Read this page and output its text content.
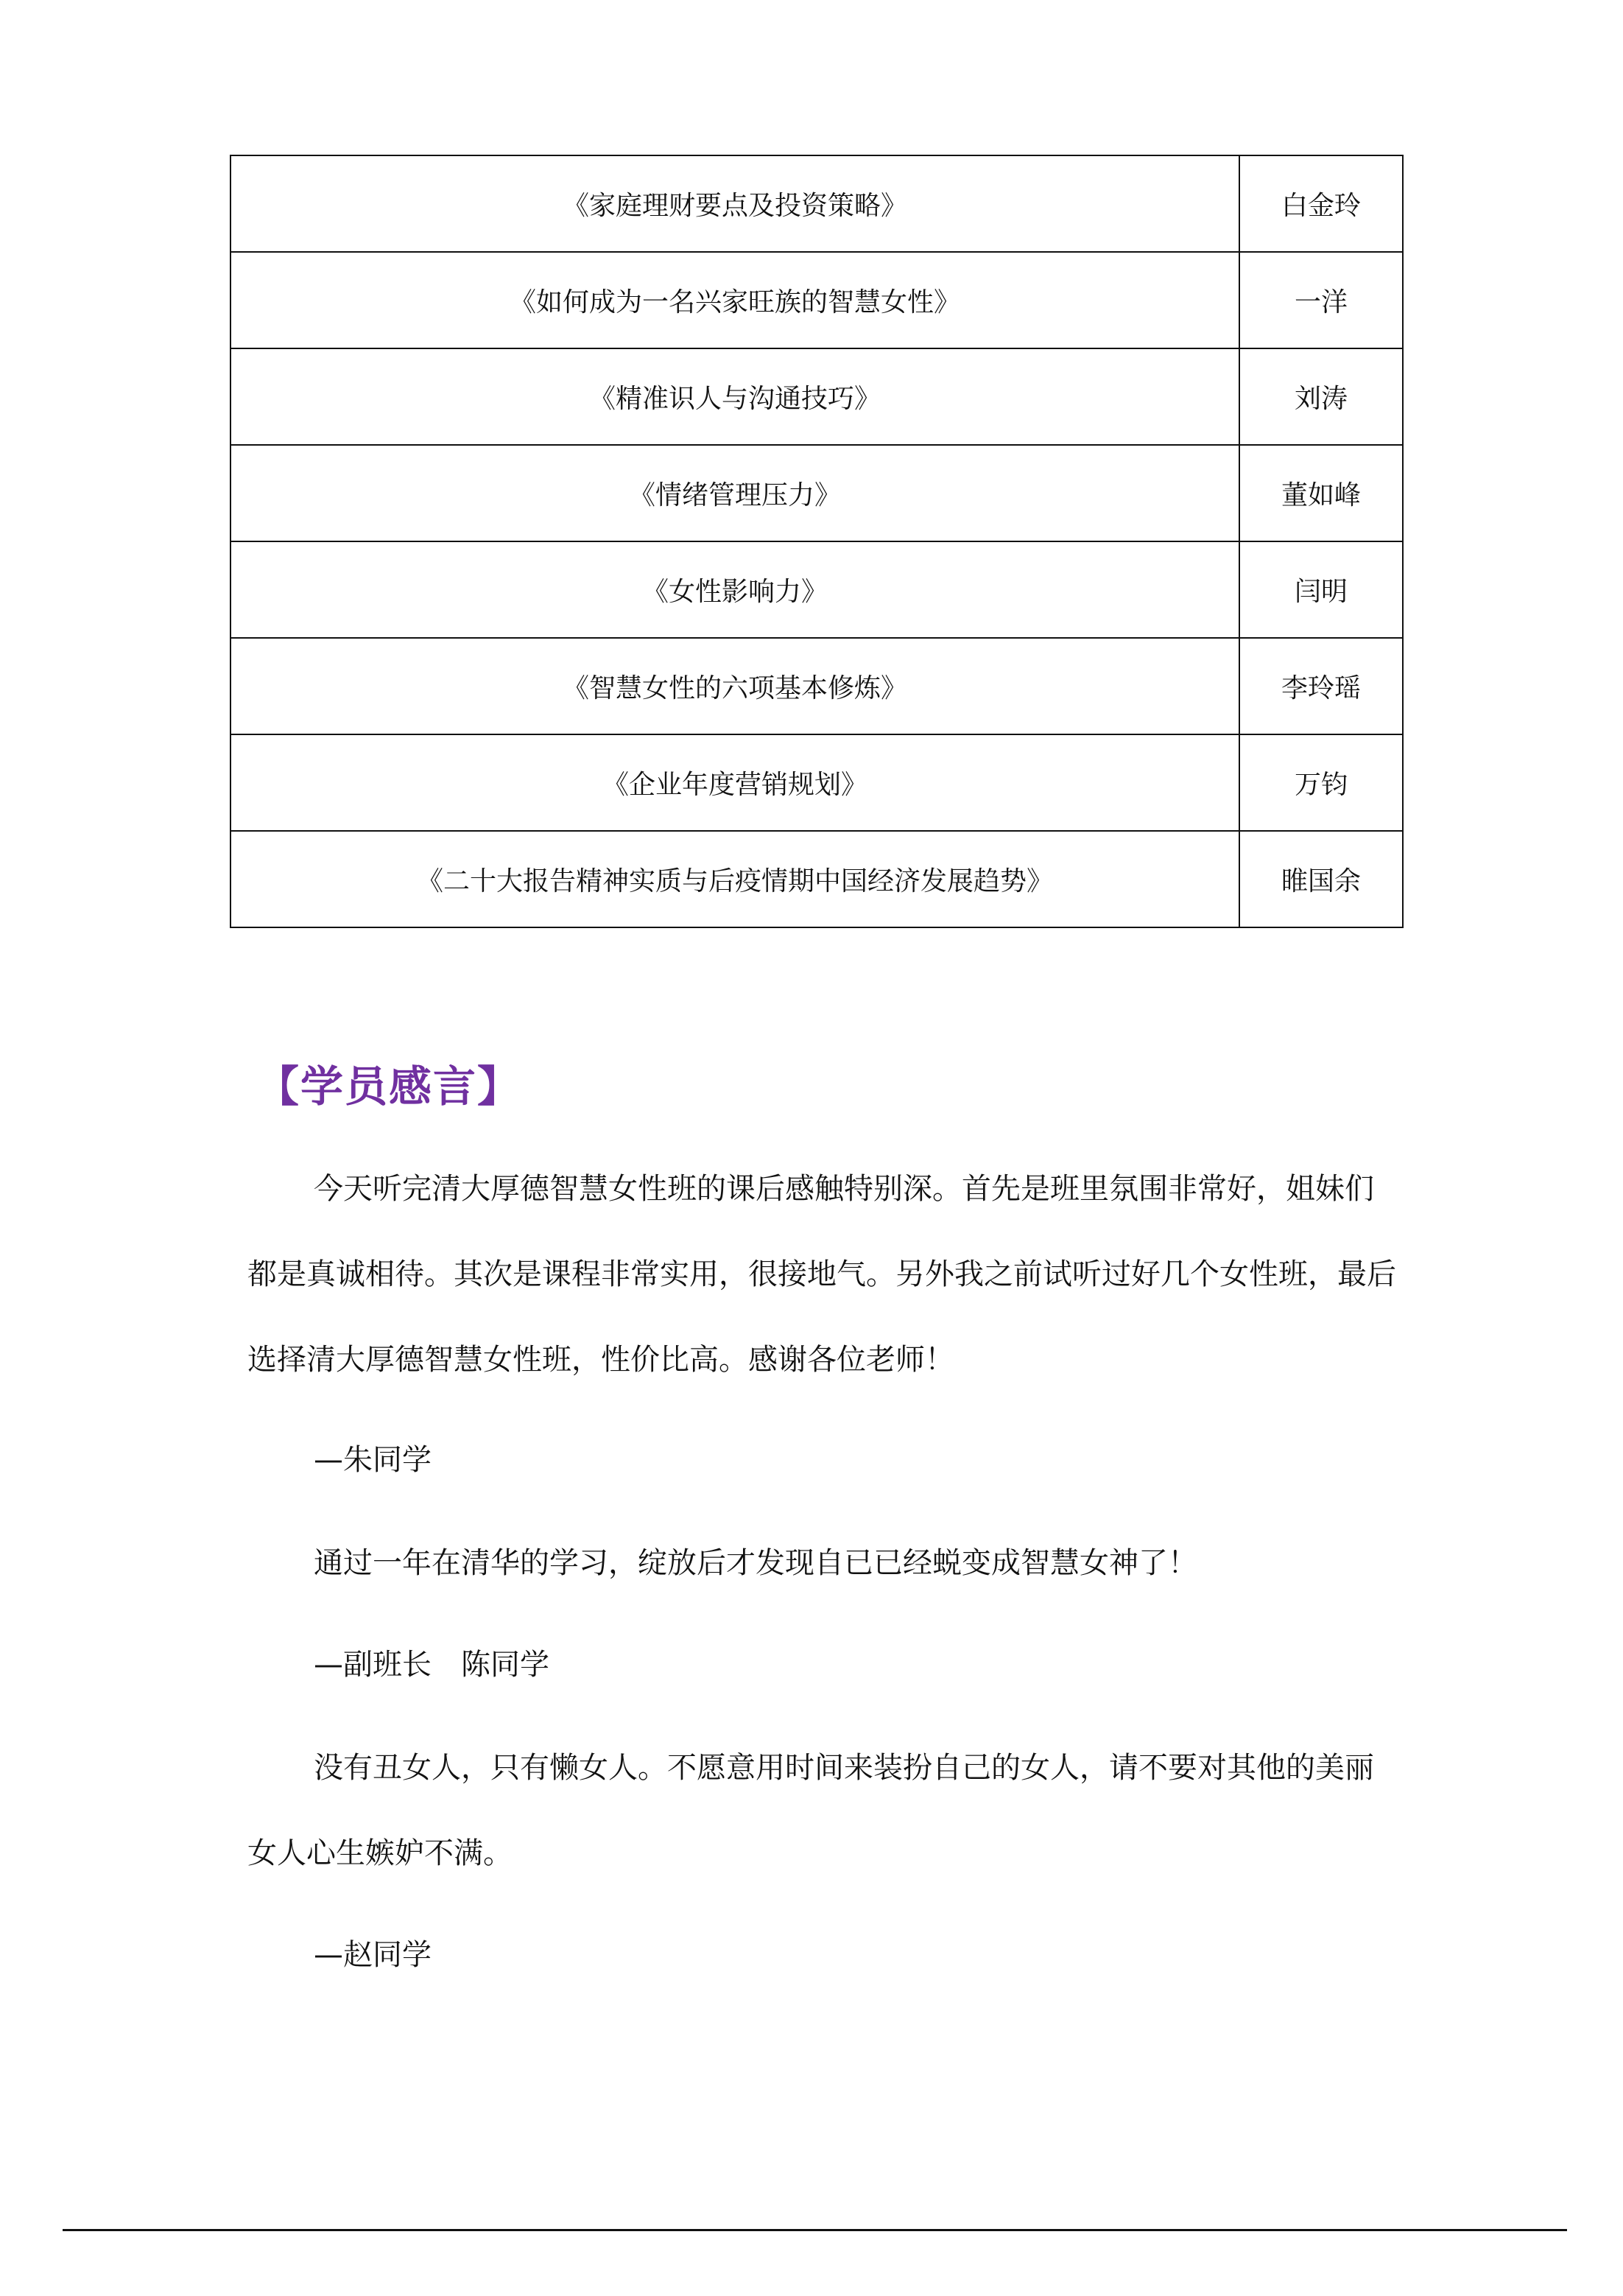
《家庭理财要点及投资策略》	白金玲
《如何成为一名兴家旺族的智慧女性》	一洋
《精准识人与沟通技巧》	刘涛
《情绪管理压力》	董如峰
《女性影响力》	闫明
《智慧女性的六项基本修炼》	李玲瑶
《企业年度营销规划》	万钧
《二十大报告精神实质与后疫情期中国经济发展趋势》	睢国余
【学员感言】

今天听完清大厚德智慧女性班的课后感触特别深。首先是班里氛围非常好，姐妹们都是真诚相待。其次是课程非常实用，很接地气。另外我之前试听过好几个女性班，最后选择清大厚德智慧女性班，性价比高。感谢各位老师！

—朱同学

通过一年在清华的学习，绽放后才发现自已已经蜕变成智慧女神了！

—副班长　陈同学

没有丑女人，只有懒女人。不愿意用时间来装扮自己的女人，请不要对其他的美丽女人心生嫉妒不满。

—赵同学
